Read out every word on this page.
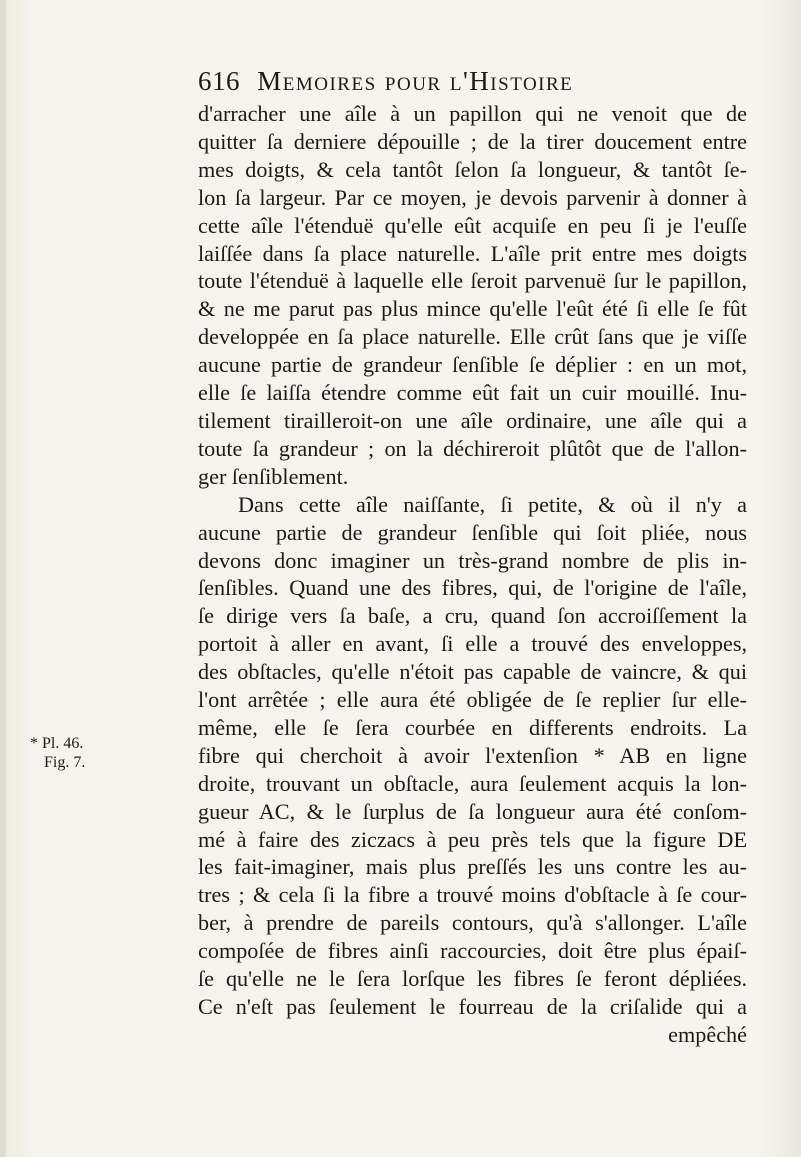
616 Memoires pour l'Histoire
d'arracher une aîle à un papillon qui ne venoit que de
quitter ſa derniere dépouille ; de la tirer doucement entre
mes doigts, & cela tantôt ſelon ſa longueur, & tantôt ſe-
lon ſa largeur. Par ce moyen, je devois parvenir à donner à
cette aîle l'étenduë qu'elle eût acquiſe en peu ſi je l'euſſe
laiſſée dans ſa place naturelle. L'aîle prit entre mes doigts
toute l'étenduë à laquelle elle ſeroit parvenuë ſur le papillon,
& ne me parut pas plus mince qu'elle l'eût été ſi elle ſe fût
developpée en ſa place naturelle. Elle crût ſans que je viſſe
aucune partie de grandeur ſenſible ſe déplier : en un mot,
elle ſe laiſſa étendre comme eût fait un cuir mouillé. Inu-
tilement tirailleroit-on une aîle ordinaire, une aîle qui a
toute ſa grandeur ; on la déchireroit plûtôt que de l'allon-
ger ſenſiblement.
Dans cette aîle naiſſante, ſi petite, & où il n'y a
aucune partie de grandeur ſenſible qui ſoit pliée, nous
devons donc imaginer un très-grand nombre de plis in-
ſenſibles. Quand une des fibres, qui, de l'origine de l'aîle,
ſe dirige vers ſa baſe, a cru, quand ſon accroiſſement la
portoit à aller en avant, ſi elle a trouvé des enveloppes,
des obſtacles, qu'elle n'étoit pas capable de vaincre, & qui
l'ont arrêtée ; elle aura été obligée de ſe replier ſur elle-
même, elle ſe ſera courbée en differents endroits. La
fibre qui cherchoit à avoir l'extenſion * AB en ligne
droite, trouvant un obſtacle, aura ſeulement acquis la lon-
gueur AC, & le ſurplus de ſa longueur aura été conſom-
mé à faire des ziczacs à peu près tels que la figure DE
les fait-imaginer, mais plus preſſés les uns contre les au-
tres ; & cela ſi la fibre a trouvé moins d'obſtacle à ſe cour-
ber, à prendre de pareils contours, qu'à s'allonger. L'aîle
compoſée de fibres ainſi raccourcies, doit être plus épaiſ-
ſe qu'elle ne le ſera lorſque les fibres ſe feront dépliées.
Ce n'eſt pas ſeulement le fourreau de la criſalide qui a
empêché
* Pl. 46.
Fig. 7.
